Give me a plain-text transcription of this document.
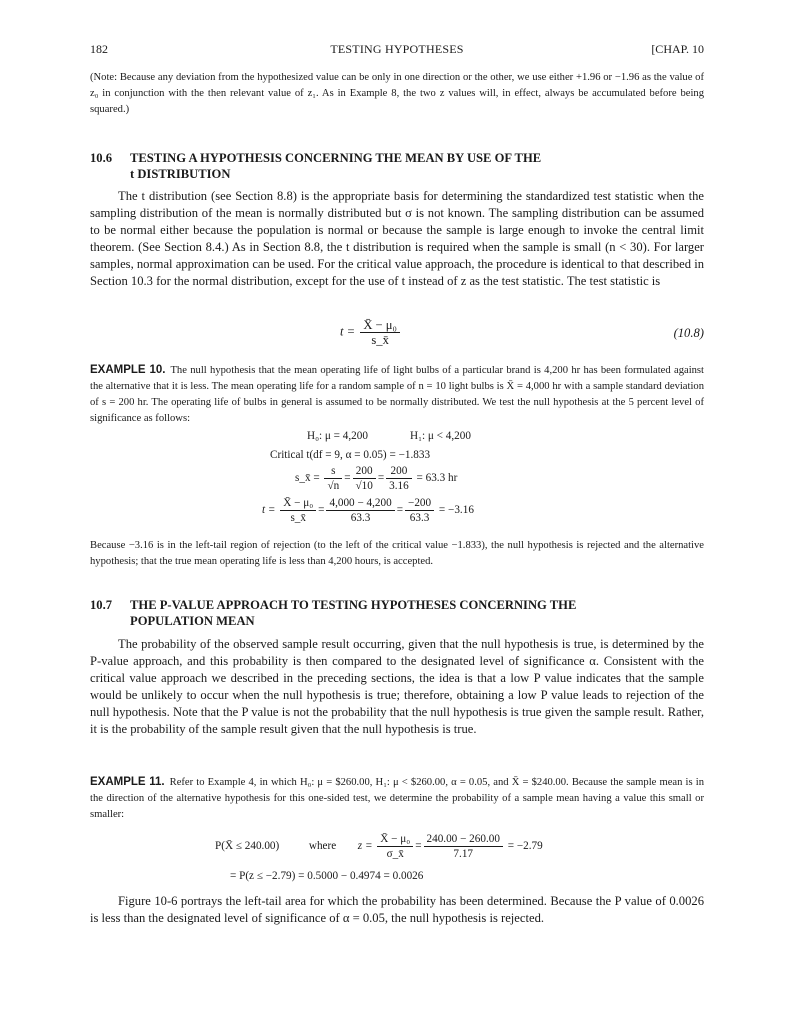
182	TESTING HYPOTHESES	[CHAP. 10
(Note: Because any deviation from the hypothesized value can be only in one direction or the other, we use either +1.96 or −1.96 as the value of z₀ in conjunction with the then relevant value of z₁. As in Example 8, the two z values will, in effect, always be accumulated before being squared.)
10.6 TESTING A HYPOTHESIS CONCERNING THE MEAN BY USE OF THE
t DISTRIBUTION

The t distribution (see Section 8.8) is the appropriate basis for determining the standardized test statistic when the sampling distribution of the mean is normally distributed but σ is not known. The sampling distribution can be assumed to be normal either because the population is normal or because the sample is large enough to invoke the central limit theorem. (See Section 8.4.) As in Section 8.8, the t distribution is required when the sample is small (n < 30). For larger samples, normal approximation can be used. For the critical value approach, the procedure is identical to that described in Section 10.3 for the normal distribution, except for the use of t instead of z as the test statistic. The test statistic is

$t = \frac{\text{X̄ − μ₀}}{s\_x̄}$	(10.8)
EXAMPLE 10. The null hypothesis that the mean operating life of light bulbs of a particular brand is 4,200 hr has been formulated against the alternative that it is less. The mean operating life for a random sample of n = 10 light bulbs is X̄ = 4,000 hr with a sample standard deviation of s = 200 hr. The operating life of bulbs in general is assumed to be normally distributed. We test the null hypothesis at the 5 percent level of significance as follows:
H₀: μ = 4,200	H₁: μ < 4,200
Critical t(df = 9, α = 0.05) = −1.833
s_x̄ = $\frac{s}{√n} = \frac{200}{√10} = \frac{200}{3.16} = 63.3$ hr
$t = \frac{\text{X̄ − μ₀}}{s\_x̄} = \frac{4,000 - 4,200}{63.3} = \frac{-200}{63.3} = -3.16$
Because −3.16 is in the left-tail region of rejection (to the left of the critical value −1.833), the null hypothesis is rejected and the alternative hypothesis; that the true mean operating life is less than 4,200 hours, is accepted.
10.7 THE P-VALUE APPROACH TO TESTING HYPOTHESES CONCERNING THE
POPULATION MEAN

The probability of the observed sample result occurring, given that the null hypothesis is true, is determined by the P-value approach, and this probability is then compared to the designated level of significance α. Consistent with the critical value approach we described in the preceding sections, the idea is that a low P value indicates that the sample would be unlikely to occur when the null hypothesis is true; therefore, obtaining a low P value leads to rejection of the null hypothesis. Note that the P value is not the probability that the null hypothesis is true given the sample result. Rather, it is the probability of the sample result given that the null hypothesis is true.

EXAMPLE 11. Refer to Example 4, in which H₀: μ = $260.00, H₁: μ < $260.00, α = 0.05, and X̄ = $240.00. Because the sample mean is in the direction of the alternative hypothesis for this one-sided test, we determine the probability of a sample mean having a value this small or smaller:
P(X̄ ≤ 240.00)	where $z = \frac{\text{X̄ − μ₀}}{\sigma\_x̄} = \frac{240.00 - 260.00}{7.17} = -2.79$
= P(z ≤ −2.79) = 0.5000 − 0.4974 = 0.0026

Figure 10-6 portrays the left-tail area for which the probability has been determined. Because the P value of 0.0026 is less than the designated level of significance of α = 0.05, the null hypothesis is rejected.
